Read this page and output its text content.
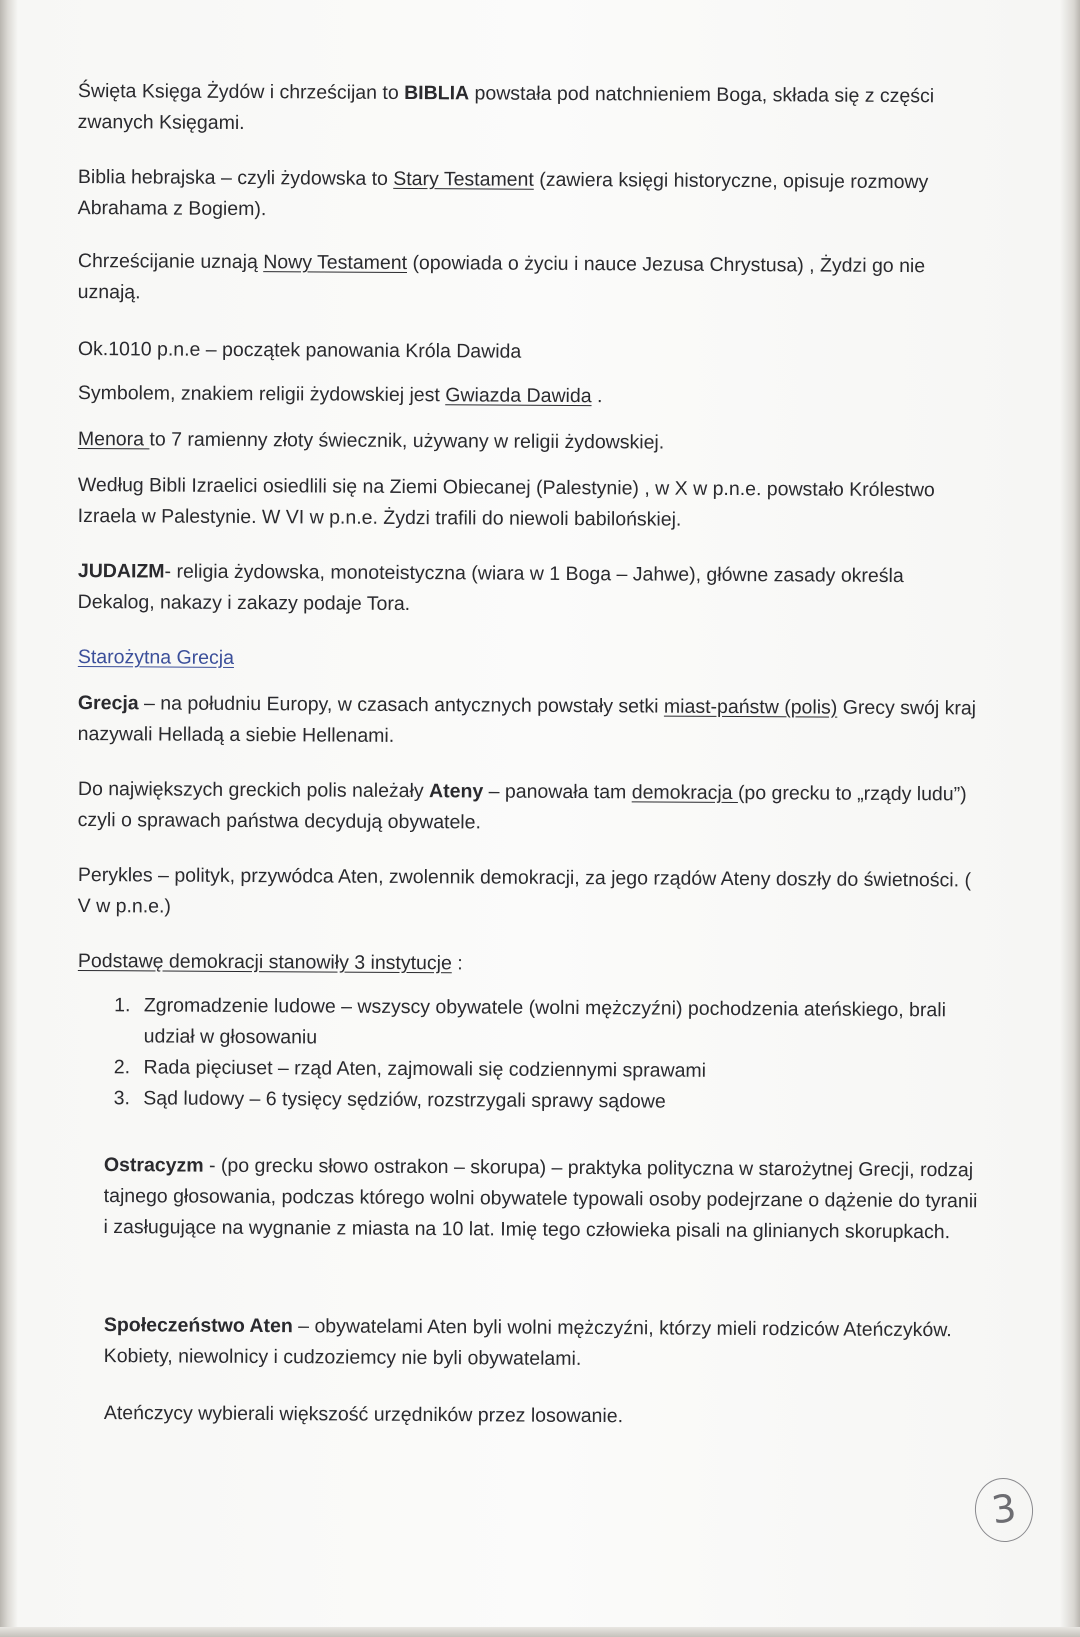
Święta Księga Żydów i chrześcijan to BIBLIA powstała pod natchnieniem Boga, składa się z części zwanych Księgami.
Biblia hebrajska – czyli żydowska to Stary Testament (zawiera księgi historyczne, opisuje rozmowy Abrahama z Bogiem).
Chrześcijanie uznają Nowy Testament (opowiada o życiu i nauce Jezusa Chrystusa) , Żydzi go nie uznają.
Ok.1010 p.n.e – początek panowania Króla Dawida
Symbolem, znakiem religii żydowskiej jest Gwiazda Dawida .
Menora to 7 ramienny złoty świecznik, używany w religii żydowskiej.
Według Bibli Izraelici osiedlili się na Ziemi Obiecanej (Palestynie) , w X w p.n.e. powstało Królestwo Izraela w Palestynie. W VI w p.n.e. Żydzi trafili do niewoli babilońskiej.
JUDAIZM- religia żydowska, monoteistyczna (wiara w 1 Boga – Jahwe), główne zasady określa Dekalog, nakazy i zakazy podaje Tora.
Starożytna Grecja
Grecja – na południu Europy, w czasach antycznych powstały setki miast-państw (polis) Grecy swój kraj nazywali Helladą a siebie Hellenami.
Do największych greckich polis należały Ateny – panowała tam demokracja (po grecku to „rządy ludu”) czyli o sprawach państwa decydują obywatele.
Perykles – polityk, przywódca Aten, zwolennik demokracji, za jego rządów Ateny doszły do świetności. ( V w p.n.e.)
Podstawę demokracji stanowiły 3 instytucje :
1. Zgromadzenie ludowe – wszyscy obywatele (wolni mężczyźni) pochodzenia ateńskiego, brali udział w głosowaniu
2. Rada pięciuset – rząd Aten, zajmowali się codziennymi sprawami
3. Sąd ludowy – 6 tysięcy sędziów, rozstrzygali sprawy sądowe
Ostracyzm - (po grecku słowo ostrakon – skorupa) – praktyka polityczna w starożytnej Grecji, rodzaj tajnego głosowania, podczas którego wolni obywatele typowali osoby podejrzane o dążenie do tyranii i zasługujące na wygnanie z miasta na 10 lat. Imię tego człowieka pisali na glinianych skorupkach.
Społeczeństwo Aten – obywatelami Aten byli wolni mężczyźni, którzy mieli rodziców Ateńczyków. Kobiety, niewolnicy i cudzoziemcy nie byli obywatelami.
Ateńczycy wybierali większość urzędników przez losowanie.
3
